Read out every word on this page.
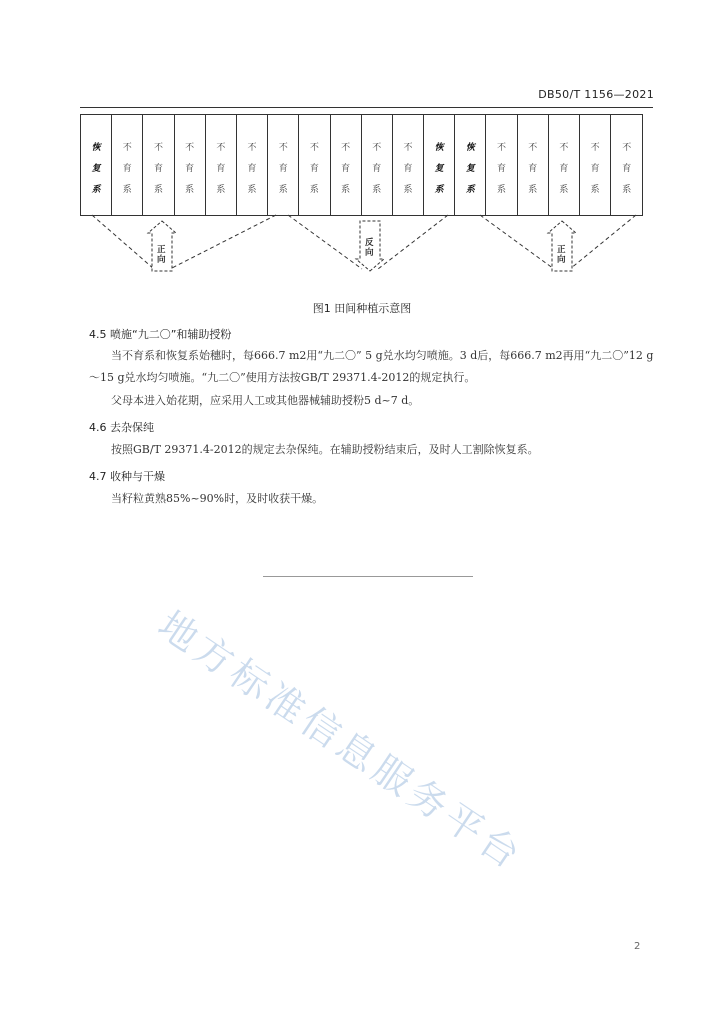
DB50/T 1156—2021
恢
复
系
不
育
系
不
育
系
不
育
系
不
育
系
不
育
系
不
育
系
不
育
系
不
育
系
不
育
系
不
育
系
恢
复
系
恢
复
系
不
育
系
不
育
系
不
育
系
不
育
系
不
育
系
正
向
反
向	正
向
图1 田间种植示意图
4.5 喷施“九二〇”和辅助授粉
当不育系和恢复系始穗时，每666.7 m2用“九二〇” 5 g兑水均匀喷施。3 d后，每666.7 m2再用“九二〇”12 g～15 g兑水均匀喷施。“九二〇”使用方法按GB/T 29371.4-2012的规定执行。
父母本进入始花期，应采用人工或其他器械辅助授粉5 d~7 d。
4.6 去杂保纯
按照GB/T 29371.4-2012的规定去杂保纯。在辅助授粉结束后，及时人工割除恢复系。
4.7 收种与干燥
当籽粒黄熟85%~90%时，及时收获干燥。
地方标准信息服务平台
2
